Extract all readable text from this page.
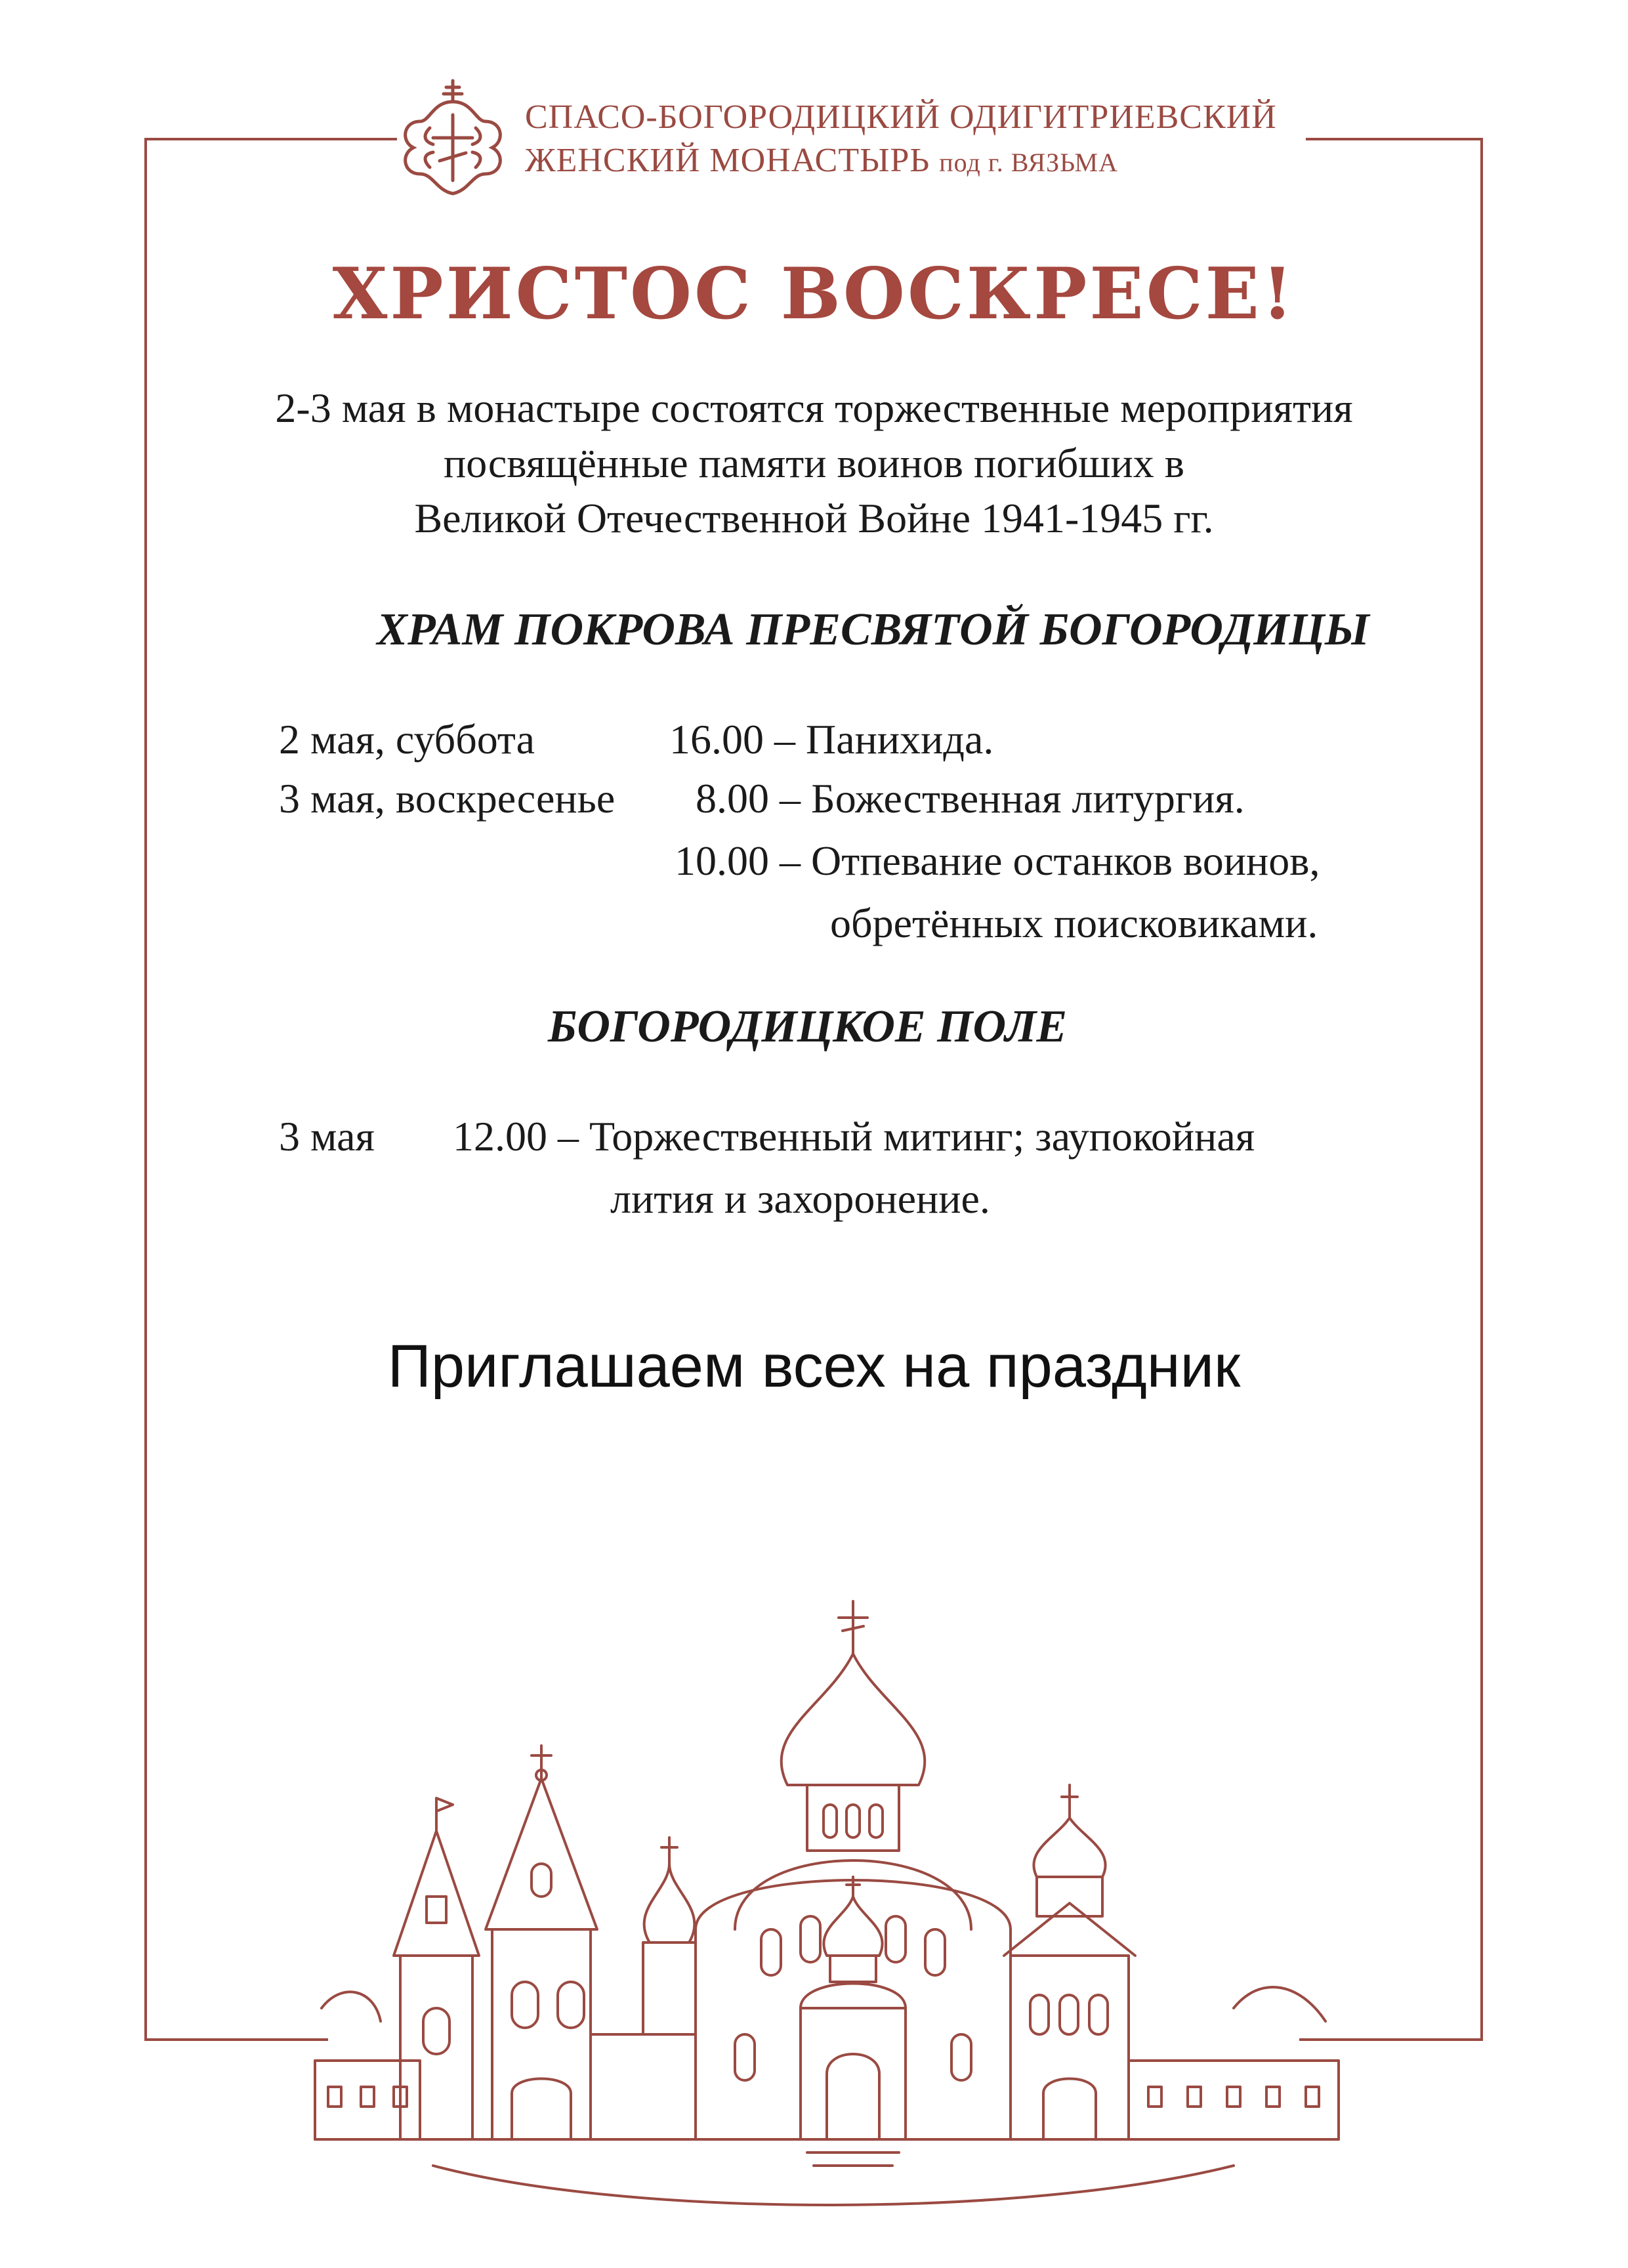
СПАСО-БОГОРОДИЦКИЙ ОДИГИТРИЕВСКИЙ
ЖЕНСКИЙ МОНАСТЫРЬ под г. ВЯЗЬМА
ХРИСТОС ВОСКРЕСЕ!
2-3 мая в монастыре состоятся торжественные мероприятия
посвящённые памяти воинов погибших в
Великой Отечественной Войне 1941-1945 гг.
ХРАМ ПОКРОВА ПРЕСВЯТОЙ БОГОРОДИЦЫ
2 мая, суббота	16.00 – Панихида.
3 мая, воскресенье 8.00 – Божественная литургия.
10.00 – Отпевание останков воинов,
обретённых поисковиками.
БОГОРОДИЦКОЕ ПОЛЕ
3 мая 12.00 – Торжественный митинг; заупокойная
лития и захоронение.
Приглашаем всех на праздник
